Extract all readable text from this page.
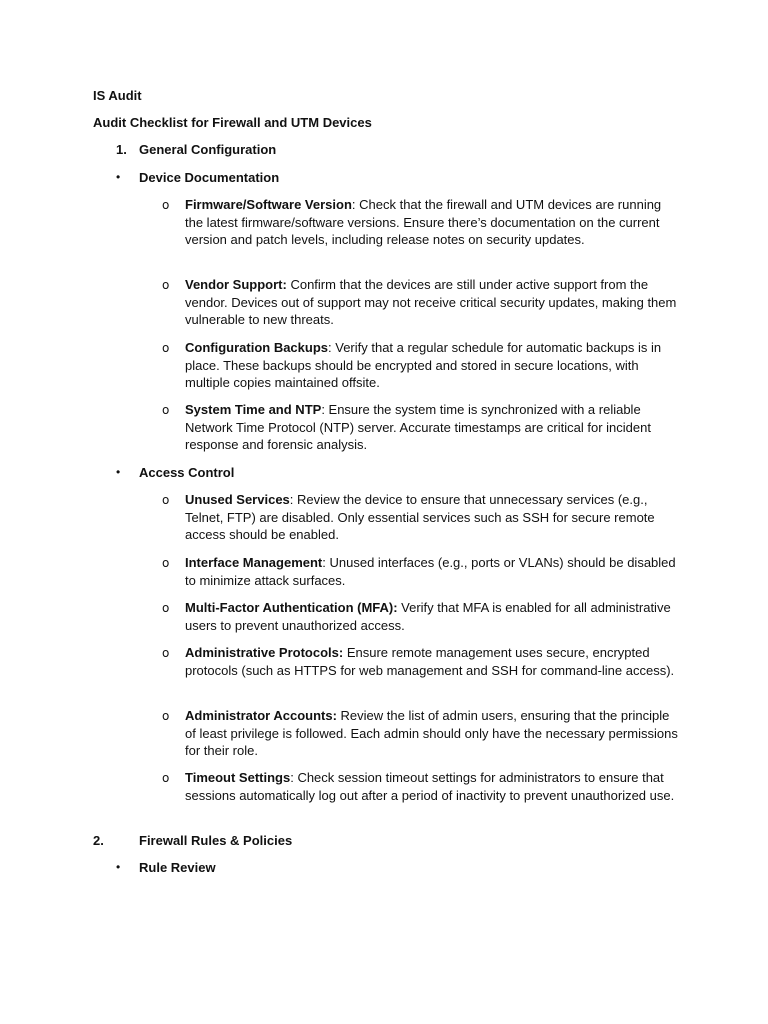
IS Audit
Audit Checklist for Firewall and UTM Devices
1. General Configuration
• Device Documentation
o Firmware/Software Version: Check that the firewall and UTM devices are running the latest firmware/software versions. Ensure there’s documentation on the current version and patch levels, including release notes on security updates.
o Vendor Support: Confirm that the devices are still under active support from the vendor. Devices out of support may not receive critical security updates, making them vulnerable to new threats.
o Configuration Backups: Verify that a regular schedule for automatic backups is in place. These backups should be encrypted and stored in secure locations, with multiple copies maintained offsite.
o System Time and NTP: Ensure the system time is synchronized with a reliable Network Time Protocol (NTP) server. Accurate timestamps are critical for incident response and forensic analysis.
• Access Control
o Unused Services: Review the device to ensure that unnecessary services (e.g., Telnet, FTP) are disabled. Only essential services such as SSH for secure remote access should be enabled.
o Interface Management: Unused interfaces (e.g., ports or VLANs) should be disabled to minimize attack surfaces.
o Multi-Factor Authentication (MFA): Verify that MFA is enabled for all administrative users to prevent unauthorized access.
o Administrative Protocols: Ensure remote management uses secure, encrypted protocols (such as HTTPS for web management and SSH for command-line access).
o Administrator Accounts: Review the list of admin users, ensuring that the principle of least privilege is followed. Each admin should only have the necessary permissions for their role.
o Timeout Settings: Check session timeout settings for administrators to ensure that sessions automatically log out after a period of inactivity to prevent unauthorized use.
2.	Firewall Rules & Policies
• Rule Review
